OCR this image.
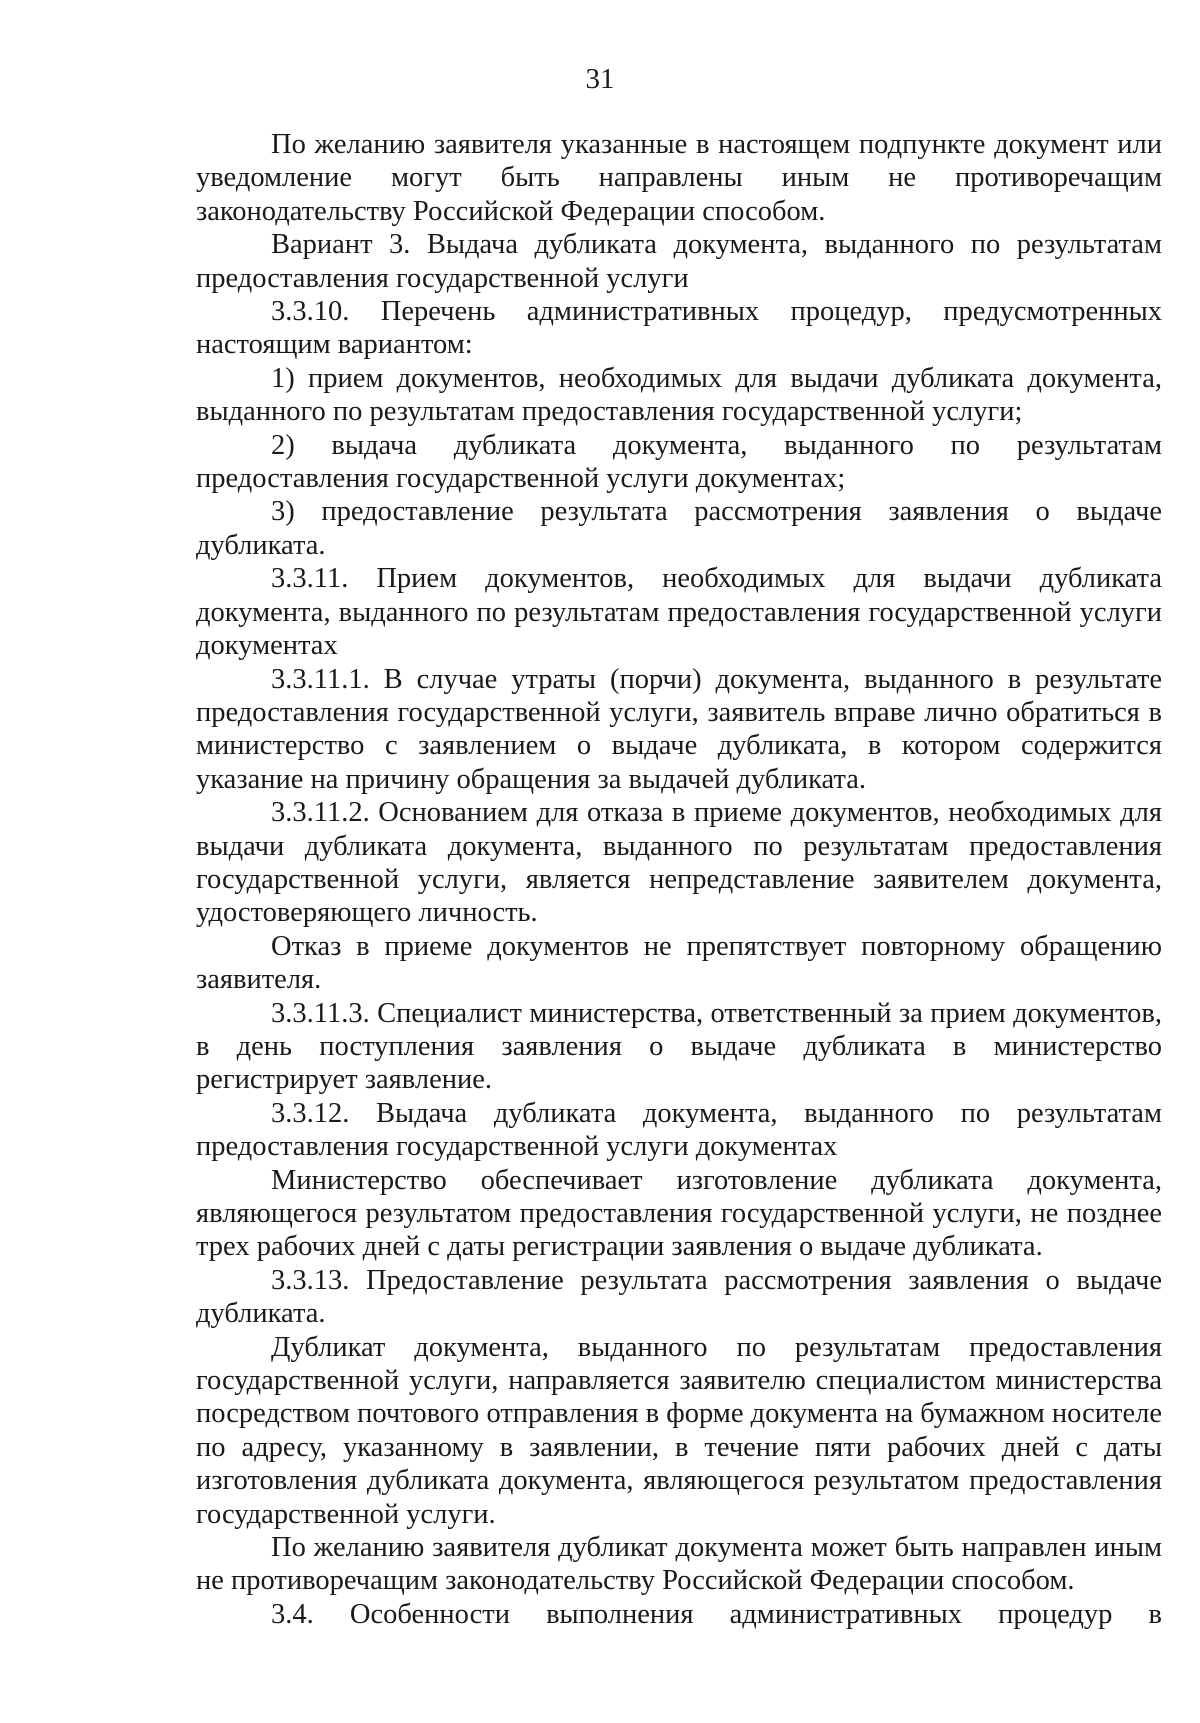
31

По желанию заявителя указанные в настоящем подпункте документ или уведомление могут быть направлены иным не противоречащим законодательству Российской Федерации способом.

Вариант 3. Выдача дубликата документа, выданного по результатам предоставления государственной услуги

3.3.10. Перечень административных процедур, предусмотренных настоящим вариантом:

1) прием документов, необходимых для выдачи дубликата документа, выданного по результатам предоставления государственной услуги;

2) выдача дубликата документа, выданного по результатам предоставления государственной услуги документах;

3) предоставление результата рассмотрения заявления о выдаче дубликата.

3.3.11. Прием документов, необходимых для выдачи дубликата документа, выданного по результатам предоставления государственной услуги документах

3.3.11.1. В случае утраты (порчи) документа, выданного в результате предоставления государственной услуги, заявитель вправе лично обратиться в министерство с заявлением о выдаче дубликата, в котором содержится указание на причину обращения за выдачей дубликата.

3.3.11.2. Основанием для отказа в приеме документов, необходимых для выдачи дубликата документа, выданного по результатам предоставления государственной услуги, является непредставление заявителем документа, удостоверяющего личность.

Отказ в приеме документов не препятствует повторному обращению заявителя.

3.3.11.3. Специалист министерства, ответственный за прием документов, в день поступления заявления о выдаче дубликата в министерство регистрирует заявление.

3.3.12. Выдача дубликата документа, выданного по результатам предоставления государственной услуги документах

Министерство обеспечивает изготовление дубликата документа, являющегося результатом предоставления государственной услуги, не позднее трех рабочих дней с даты регистрации заявления о выдаче дубликата.

3.3.13. Предоставление результата рассмотрения заявления о выдаче дубликата.

Дубликат документа, выданного по результатам предоставления государственной услуги, направляется заявителю специалистом министерства посредством почтового отправления в форме документа на бумажном носителе по адресу, указанному в заявлении, в течение пяти рабочих дней с даты изготовления дубликата документа, являющегося результатом предоставления государственной услуги.

По желанию заявителя дубликат документа может быть направлен иным не противоречащим законодательству Российской Федерации способом.

3.4. Особенности выполнения административных процедур в
